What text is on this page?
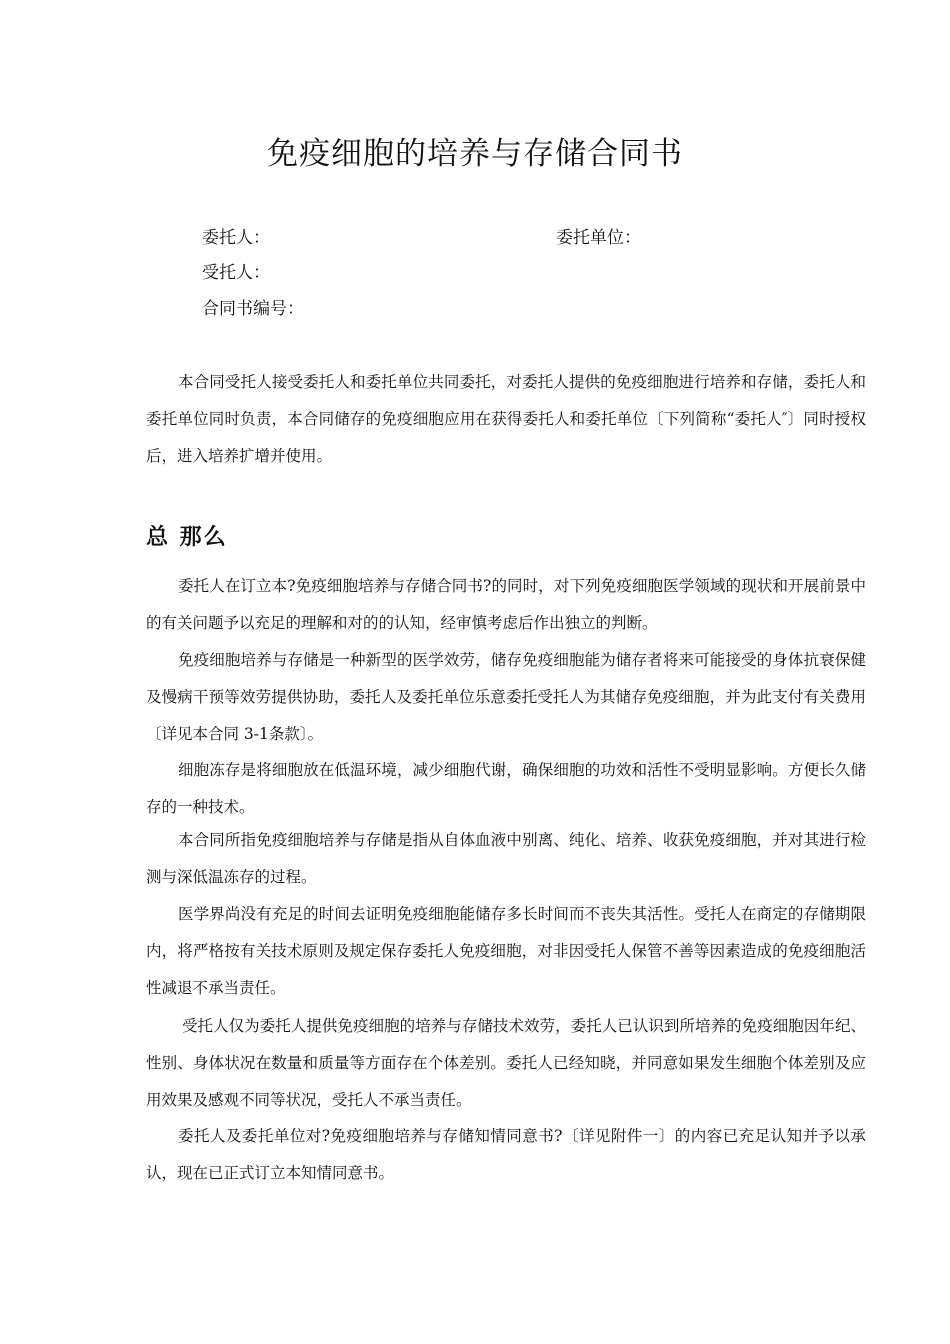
免疫细胞的培养与存储合同书
委托人：	委托单位：
受托人：
合同书编号：

本合同受托人接受委托人和委托单位共同委托，对委托人提供的免疫细胞进行培养和存储，委托人和委托单位同时负责，本合同储存的免疫细胞应用在获得委托人和委托单位〔下列简称“委托人″〕同时授权后，进入培养扩增并使用。

总 那么

委托人在订立本?免疫细胞培养与存储合同书?的同时，对下列免疫细胞医学领域的现状和开展前景中的有关问题予以充足的理解和对的的认知，经审慎考虑后作出独立的判断。

免疫细胞培养与存储是一种新型的医学效劳，储存免疫细胞能为储存者将来可能接受的身体抗衰保健及慢病干预等效劳提供协助，委托人及委托单位乐意委托受托人为其储存免疫细胞，并为此支付有关费用〔详见本合同 3-1条款〕。

细胞冻存是将细胞放在低温环境，减少细胞代谢，确保细胞的功效和活性不受明显影响。方便长久储存的一种技术。

本合同所指免疫细胞培养与存储是指从自体血液中别离、纯化、培养、收获免疫细胞，并对其进行检测与深低温冻存的过程。

医学界尚没有充足的时间去证明免疫细胞能储存多长时间而不丧失其活性。受托人在商定的存储期限内，将严格按有关技术原则及规定保存委托人免疫细胞，对非因受托人保管不善等因素造成的免疫细胞活性减退不承当责任。

受托人仅为委托人提供免疫细胞的培养与存储技术效劳，委托人已认识到所培养的免疫细胞因年纪、性别、身体状况在数量和质量等方面存在个体差别。委托人已经知晓，并同意如果发生细胞个体差别及应用效果及感观不同等状况，受托人不承当责任。

委托人及委托单位对?免疫细胞培养与存储知情同意书?〔详见附件一〕的内容已充足认知并予以承认，现在已正式订立本知情同意书。
